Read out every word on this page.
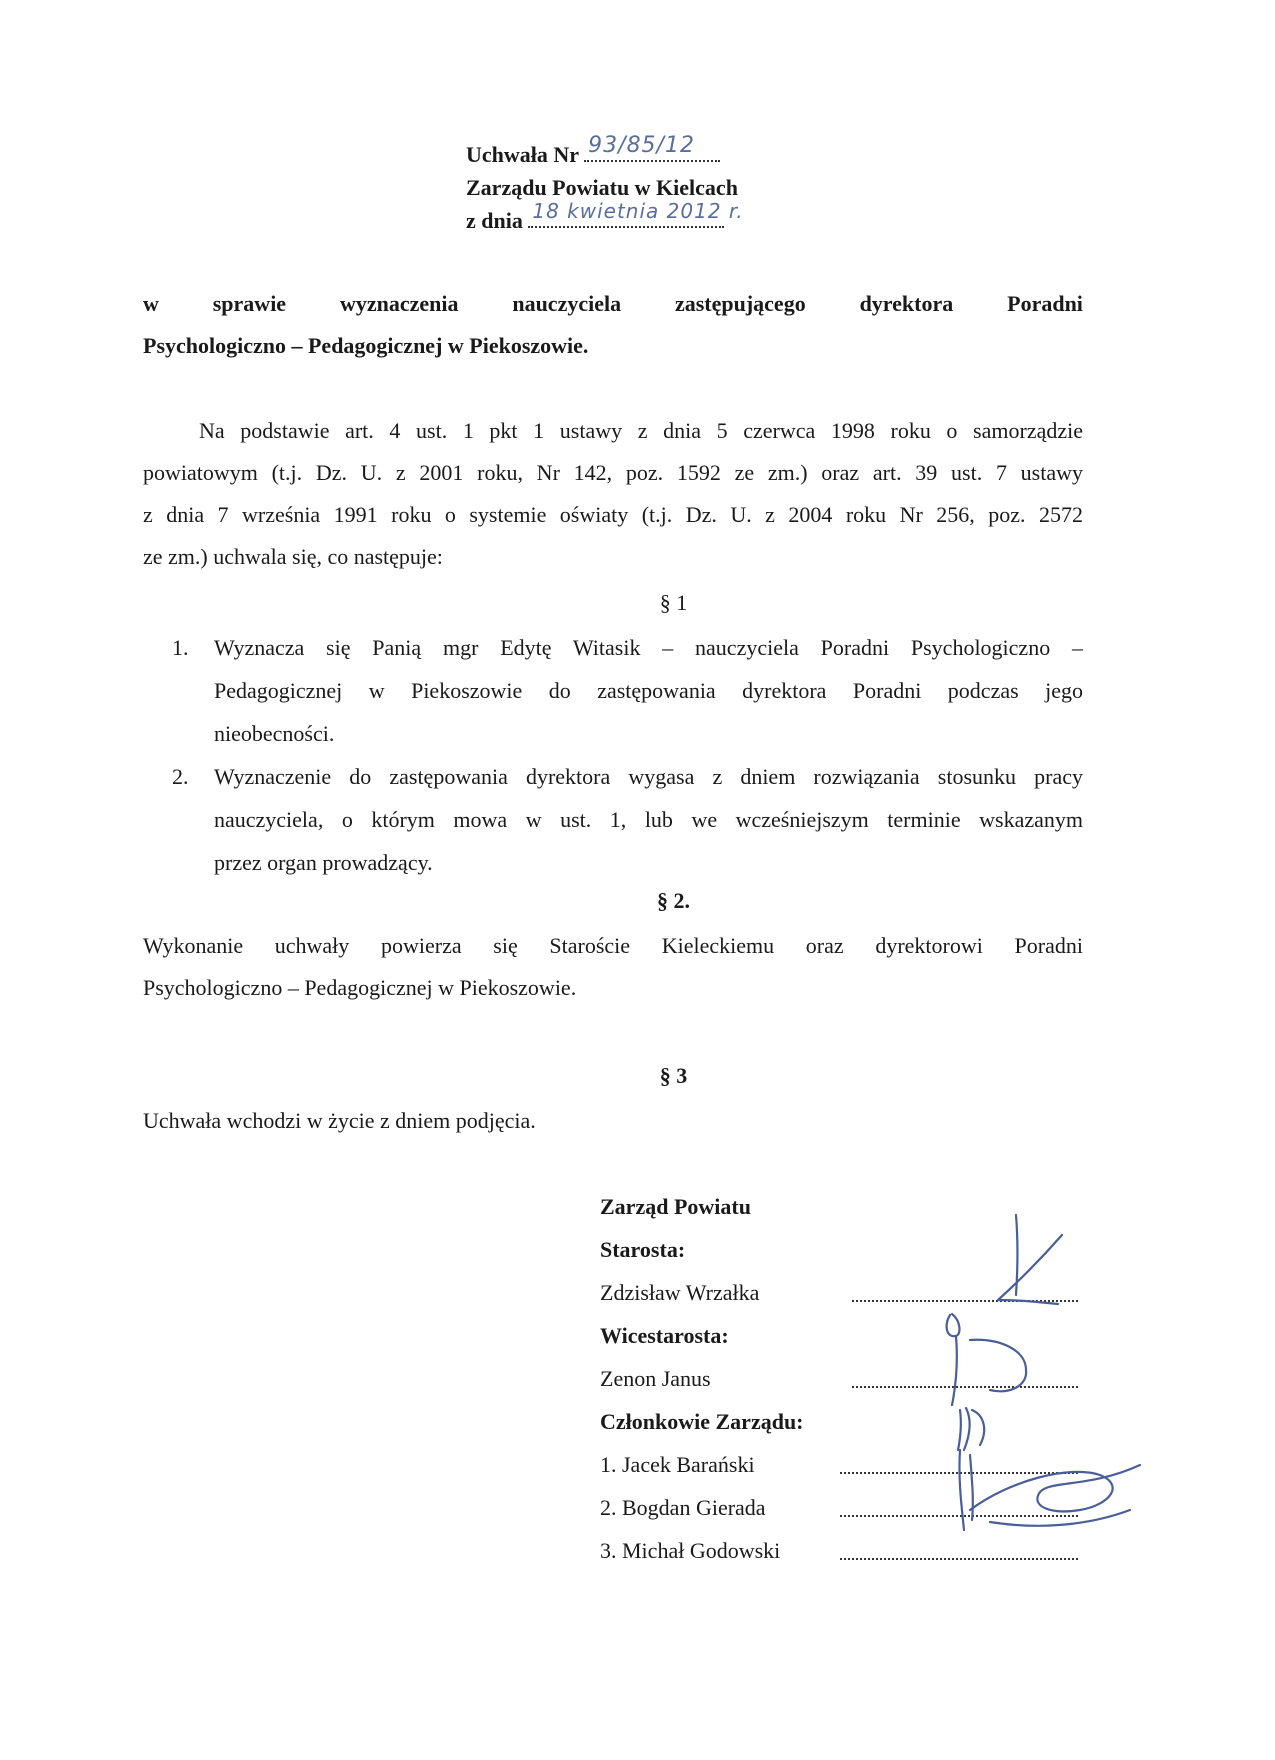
Uchwała Nr 93/85/12
Zarządu Powiatu w Kielcach
z dnia 18 kwietnia 2012 r.
w sprawie wyznaczenia nauczyciela zastępującego dyrektora Poradni
Psychologiczno – Pedagogicznej w Piekoszowie.
Na podstawie art. 4 ust. 1 pkt 1 ustawy z dnia 5 czerwca 1998 roku o samorządzie
powiatowym (t.j. Dz. U. z 2001 roku, Nr 142, poz. 1592 ze zm.) oraz art. 39 ust. 7 ustawy
z dnia 7 września 1991 roku o systemie oświaty (t.j. Dz. U. z 2004 roku Nr 256, poz. 2572
ze zm.) uchwala się, co następuje:
§ 1
1. Wyznacza się Panią mgr Edytę Witasik – nauczyciela Poradni Psychologiczno –
Pedagogicznej w Piekoszowie do zastępowania dyrektora Poradni podczas jego
nieobecności.
2. Wyznaczenie do zastępowania dyrektora wygasa z dniem rozwiązania stosunku pracy
nauczyciela, o którym mowa w ust. 1, lub we wcześniejszym terminie wskazanym
przez organ prowadzący.
§ 2.
Wykonanie uchwały powierza się Staroście Kieleckiemu oraz dyrektorowi Poradni
Psychologiczno – Pedagogicznej w Piekoszowie.
§ 3
Uchwała wchodzi w życie z dniem podjęcia.
Zarząd Powiatu
Starosta:
Zdzisław Wrzałka
Wicestarosta:
Zenon Janus
Członkowie Zarządu:
1. Jacek Barański
2. Bogdan Gierada
3. Michał Godowski
